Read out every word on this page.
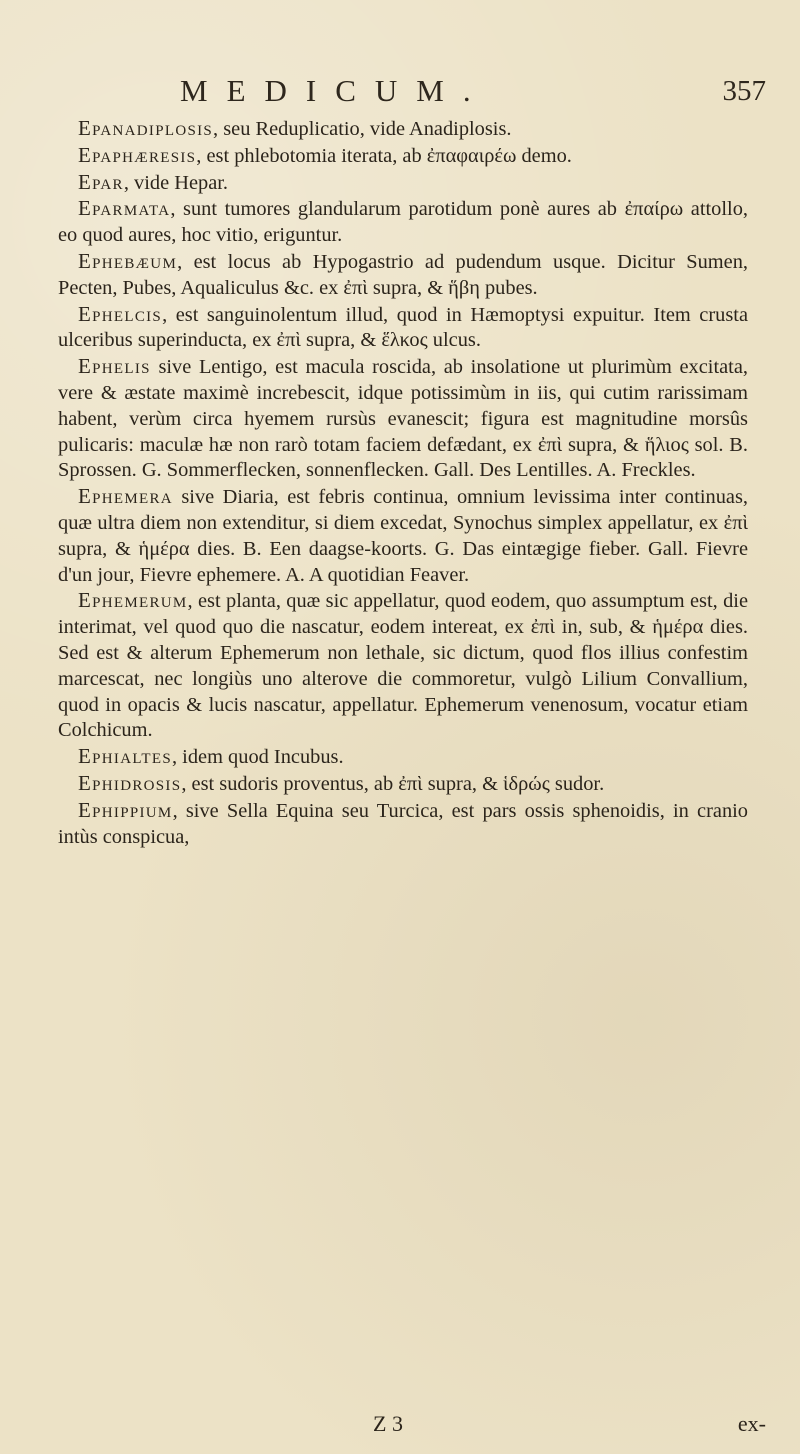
MEDICUM.	357

Epanadiplosis, seu Reduplicatio, vide Anadiplosis.

Epaphæresis, est phlebotomia iterata, ab ἐπαφαιρέω demo.

Epar, vide Hepar.

Eparmata, sunt tumores glandularum parotidum ponè aures ab ἐπαίρω attollo, eo quod aures, hoc vitio, eriguntur.

Ephebæum, est locus ab Hypogastrio ad pudendum usque. Dicitur Sumen, Pecten, Pubes, Aqualiculus &c. ex ἐπὶ supra, & ἥβη pubes.

Ephelcis, est sanguinolentum illud, quod in Hæmoptysi expuitur. Item crusta ulceribus superinducta, ex ἐπὶ supra, & ἕλκος ulcus.

Ephelis sive Lentigo, est macula roscida, ab insolatione ut plurimùm excitata, vere & æstate maximè increbescit, idque potissimùm in iis, qui cutim rarissimam habent, verùm circa hyemem rursùs evanescit; figura est magnitudine morsûs pulicaris: maculæ hæ non rarò totam faciem defædant, ex ἐπὶ supra, & ἥλιος sol. B. Sprossen. G. Sommerflecken, sonnenflecken. Gall. Des Lentilles. A. Freckles.

Ephemera sive Diaria, est febris continua, omnium levissima inter continuas, quæ ultra diem non extenditur, si diem excedat, Synochus simplex appellatur, ex ἐπὶ supra, & ἡμέρα dies. B. Een daagse-koorts. G. Das eintægige fieber. Gall. Fievre d'un jour, Fievre ephemere. A. A quotidian Feaver.

Ephemerum, est planta, quæ sic appellatur, quod eodem, quo assumptum est, die interimat, vel quod quo die nascatur, eodem intereat, ex ἐπὶ in, sub, & ἡμέρα dies. Sed est & alterum Ephemerum non lethale, sic dictum, quod flos illius confestim marcescat, nec longiùs uno alterove die commoretur, vulgò Lilium Convallium, quod in opacis & lucis nascatur, appellatur. Ephemerum venenosum, vocatur etiam Colchicum.

Ephialtes, idem quod Incubus.

Ephidrosis, est sudoris proventus, ab ἐπὶ supra, & ἱδρώς sudor.

Ephippium, sive Sella Equina seu Turcica, est pars ossis sphenoidis, in cranio intùs conspicua,

Z 3	ex-
